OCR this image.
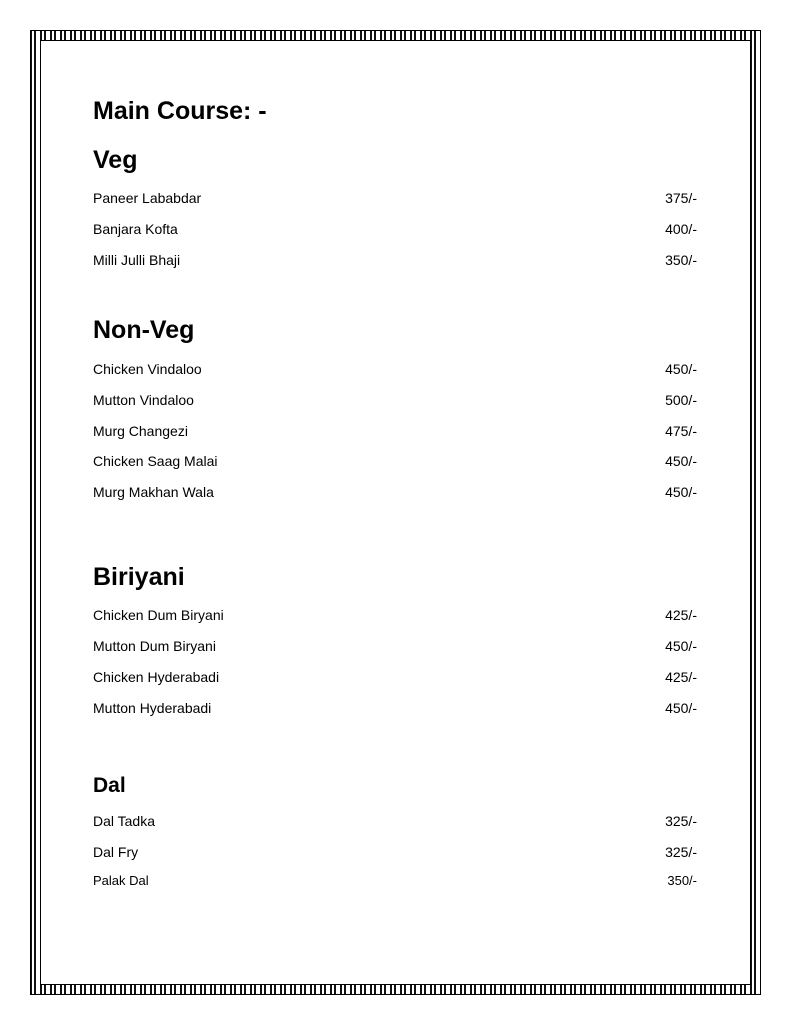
Main Course: -
Veg
Paneer Lababdar	375/-
Banjara Kofta	400/-
Milli Julli Bhaji	350/-
Non-Veg
Chicken Vindaloo	450/-
Mutton Vindaloo	500/-
Murg Changezi	475/-
Chicken Saag Malai	450/-
Murg Makhan Wala	450/-
Biriyani
Chicken Dum Biryani	425/-
Mutton Dum Biryani	450/-
Chicken Hyderabadi	425/-
Mutton Hyderabadi	450/-
Dal
Dal Tadka	325/-
Dal Fry	325/-
Palak Dal	350/-
